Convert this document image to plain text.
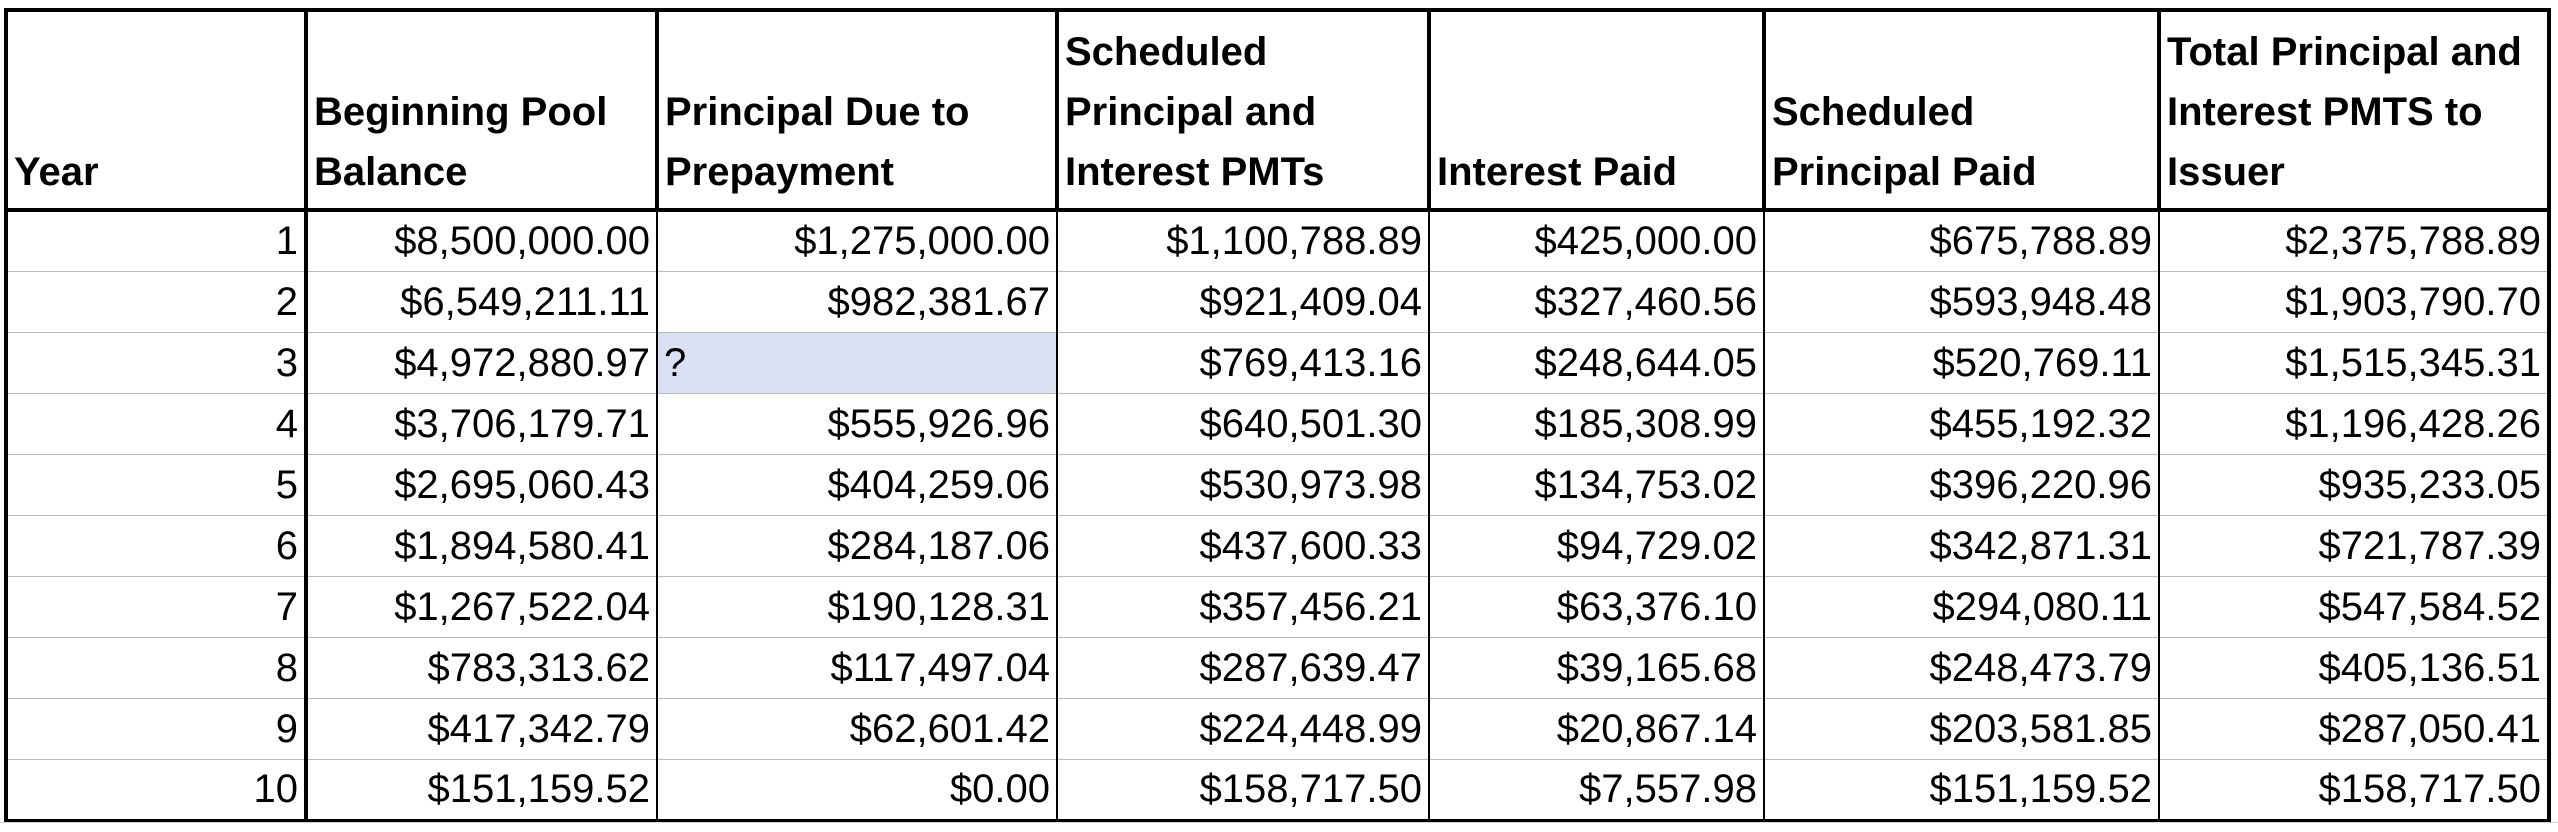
Year	Beginning Pool Balance	Principal Due to Prepayment	Scheduled Principal and Interest PMTs	Interest Paid	Scheduled Principal Paid	Total Principal and Interest PMTS to Issuer
1	$8,500,000.00	$1,275,000.00	$1,100,788.89	$425,000.00	$675,788.89	$2,375,788.89
2	$6,549,211.11	$982,381.67	$921,409.04	$327,460.56	$593,948.48	$1,903,790.70
3	$4,972,880.97	?	$769,413.16	$248,644.05	$520,769.11	$1,515,345.31
4	$3,706,179.71	$555,926.96	$640,501.30	$185,308.99	$455,192.32	$1,196,428.26
5	$2,695,060.43	$404,259.06	$530,973.98	$134,753.02	$396,220.96	$935,233.05
6	$1,894,580.41	$284,187.06	$437,600.33	$94,729.02	$342,871.31	$721,787.39
7	$1,267,522.04	$190,128.31	$357,456.21	$63,376.10	$294,080.11	$547,584.52
8	$783,313.62	$117,497.04	$287,639.47	$39,165.68	$248,473.79	$405,136.51
9	$417,342.79	$62,601.42	$224,448.99	$20,867.14	$203,581.85	$287,050.41
10	$151,159.52	$0.00	$158,717.50	$7,557.98	$151,159.52	$158,717.50
